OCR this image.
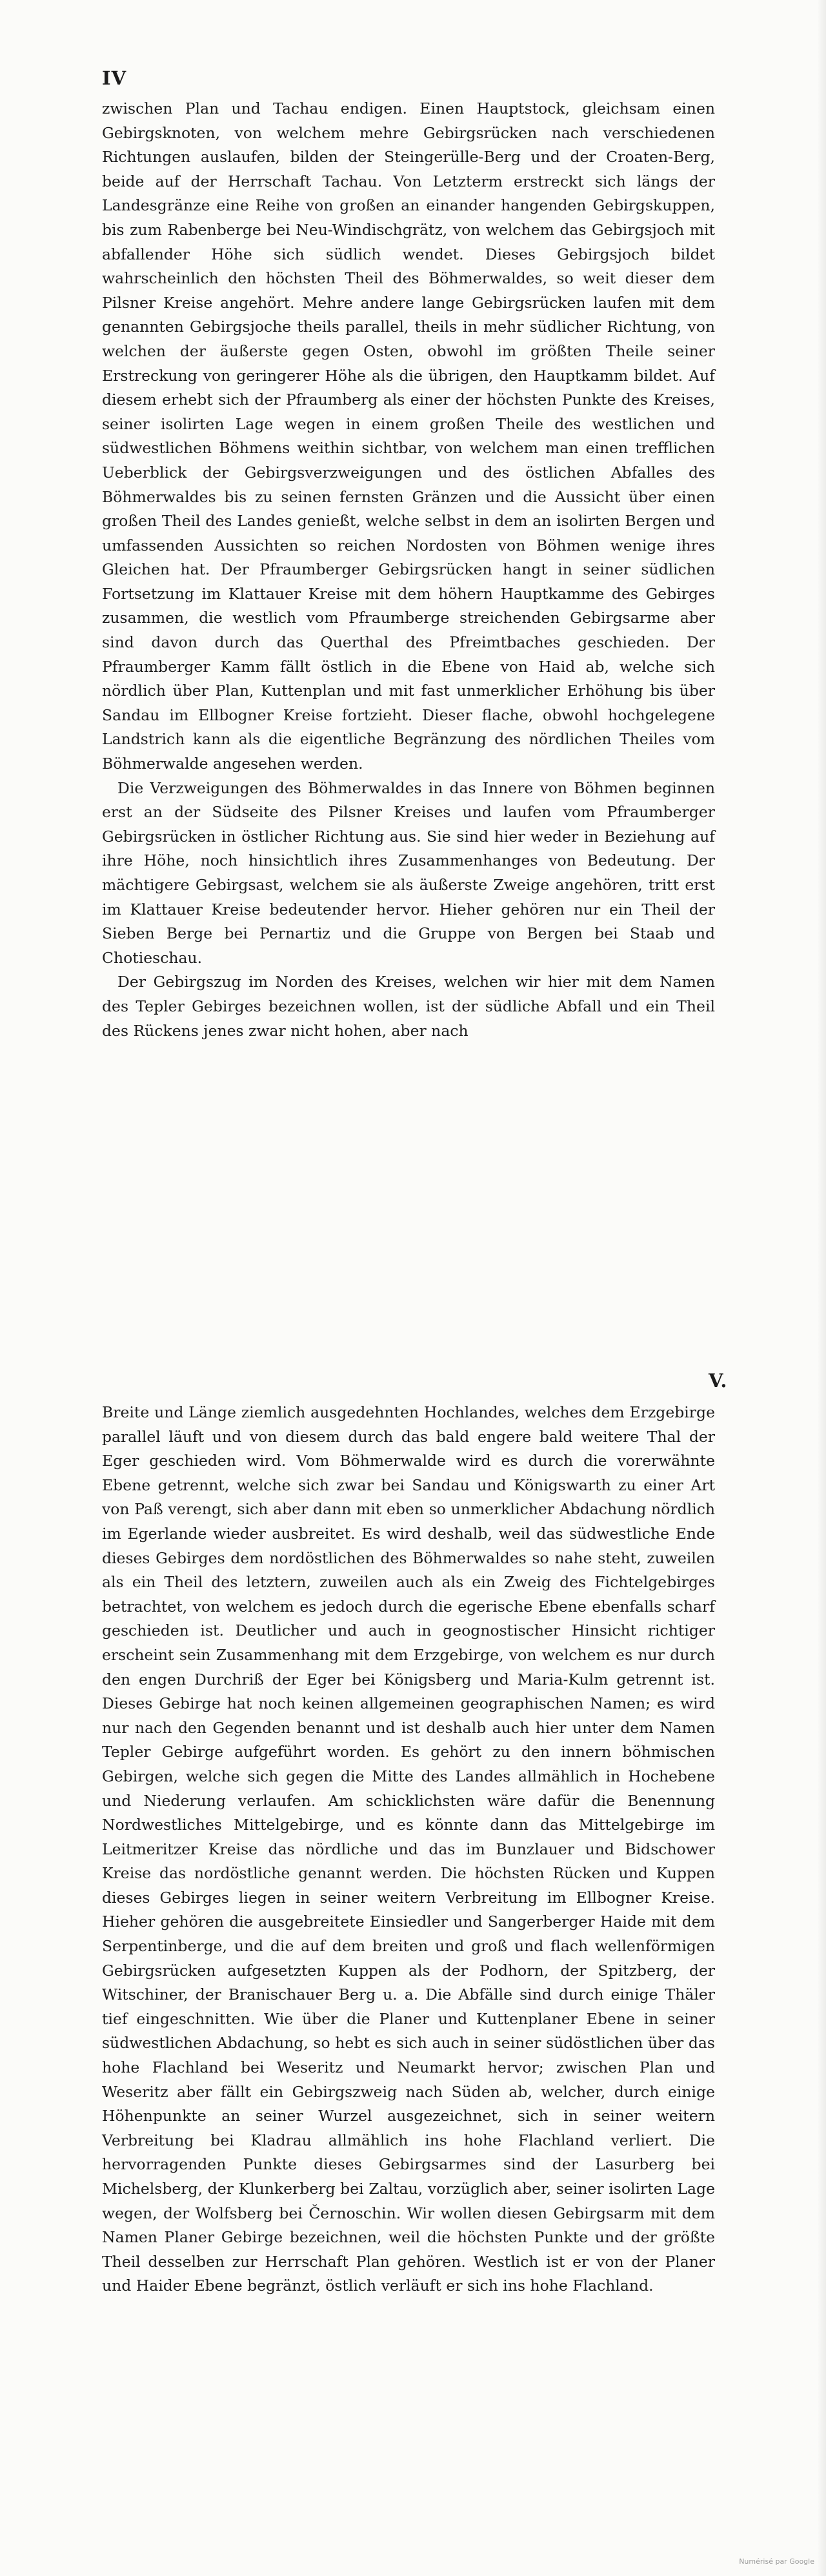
IV

zwischen Plan und Tachau endigen. Einen Hauptstock, gleichsam einen Gebirgsknoten, von welchem mehre Gebirgsrücken nach verschiedenen Richtungen auslaufen, bilden der Steingerülle-Berg und der Croaten-Berg, beide auf der Herrschaft Tachau. Von Letzterm erstreckt sich längs der Landesgränze eine Reihe von großen an einander hangenden Gebirgskuppen, bis zum Rabenberge bei Neu-Windischgrätz, von welchem das Gebirgsjoch mit abfallender Höhe sich südlich wendet. Dieses Gebirgsjoch bildet wahrscheinlich den höchsten Theil des Böhmerwaldes, so weit dieser dem Pilsner Kreise angehört. Mehre andere lange Gebirgsrücken laufen mit dem genannten Gebirgsjoche theils parallel, theils in mehr südlicher Richtung, von welchen der äußerste gegen Osten, obwohl im größten Theile seiner Erstreckung von geringerer Höhe als die übrigen, den Hauptkamm bildet. Auf diesem erhebt sich der Pfraumberg als einer der höchsten Punkte des Kreises, seiner isolirten Lage wegen in einem großen Theile des westlichen und südwestlichen Böhmens weithin sichtbar, von welchem man einen trefflichen Ueberblick der Gebirgsverzweigungen und des östlichen Abfalles des Böhmerwaldes bis zu seinen fernsten Gränzen und die Aussicht über einen großen Theil des Landes genießt, welche selbst in dem an isolirten Bergen und umfassenden Aussichten so reichen Nordosten von Böhmen wenige ihres Gleichen hat. Der Pfraumberger Gebirgsrücken hangt in seiner südlichen Fortsetzung im Klattauer Kreise mit dem höhern Hauptkamme des Gebirges zusammen, die westlich vom Pfraumberge streichenden Gebirgsarme aber sind davon durch das Querthal des Pfreimtbaches geschieden. Der Pfraumberger Kamm fällt östlich in die Ebene von Haid ab, welche sich nördlich über Plan, Kuttenplan und mit fast unmerklicher Erhöhung bis über Sandau im Ellbogner Kreise fortzieht. Dieser flache, obwohl hochgelegene Landstrich kann als die eigentliche Begränzung des nördlichen Theiles vom Böhmerwalde angesehen werden.

Die Verzweigungen des Böhmerwaldes in das Innere von Böhmen beginnen erst an der Südseite des Pilsner Kreises und laufen vom Pfraumberger Gebirgsrücken in östlicher Richtung aus. Sie sind hier weder in Beziehung auf ihre Höhe, noch hinsichtlich ihres Zusammenhanges von Bedeutung. Der mächtigere Gebirgsast, welchem sie als äußerste Zweige angehören, tritt erst im Klattauer Kreise bedeutender hervor. Hieher gehören nur ein Theil der Sieben Berge bei Pernartiz und die Gruppe von Bergen bei Staab und Chotieschau.

Der Gebirgszug im Norden des Kreises, welchen wir hier mit dem Namen des Tepler Gebirges bezeichnen wollen, ist der südliche Abfall und ein Theil des Rückens jenes zwar nicht hohen, aber nach

V.

Breite und Länge ziemlich ausgedehnten Hochlandes, welches dem Erzgebirge parallel läuft und von diesem durch das bald engere bald weitere Thal der Eger geschieden wird. Vom Böhmerwalde wird es durch die vorerwähnte Ebene getrennt, welche sich zwar bei Sandau und Königswarth zu einer Art von Paß verengt, sich aber dann mit eben so unmerklicher Abdachung nördlich im Egerlande wieder ausbreitet. Es wird deshalb, weil das südwestliche Ende dieses Gebirges dem nordöstlichen des Böhmerwaldes so nahe steht, zuweilen als ein Theil des letztern, zuweilen auch als ein Zweig des Fichtelgebirges betrachtet, von welchem es jedoch durch die egerische Ebene ebenfalls scharf geschieden ist. Deutlicher und auch in geognostischer Hinsicht richtiger erscheint sein Zusammenhang mit dem Erzgebirge, von welchem es nur durch den engen Durchriß der Eger bei Königsberg und Maria-Kulm getrennt ist. Dieses Gebirge hat noch keinen allgemeinen geographischen Namen; es wird nur nach den Gegenden benannt und ist deshalb auch hier unter dem Namen Tepler Gebirge aufgeführt worden. Es gehört zu den innern böhmischen Gebirgen, welche sich gegen die Mitte des Landes allmählich in Hochebene und Niederung verlaufen. Am schicklichsten wäre dafür die Benennung Nordwestliches Mittelgebirge, und es könnte dann das Mittelgebirge im Leitmeritzer Kreise das nördliche und das im Bunzlauer und Bidschower Kreise das nordöstliche genannt werden. Die höchsten Rücken und Kuppen dieses Gebirges liegen in seiner weitern Verbreitung im Ellbogner Kreise. Hieher gehören die ausgebreitete Einsiedler und Sangerberger Haide mit dem Serpentinberge, und die auf dem breiten und groß und flach wellenförmigen Gebirgsrücken aufgesetzten Kuppen als der Podhorn, der Spitzberg, der Witschiner, der Branischauer Berg u. a. Die Abfälle sind durch einige Thäler tief eingeschnitten. Wie über die Planer und Kuttenplaner Ebene in seiner südwestlichen Abdachung, so hebt es sich auch in seiner südöstlichen über das hohe Flachland bei Weseritz und Neumarkt hervor; zwischen Plan und Weseritz aber fällt ein Gebirgszweig nach Süden ab, welcher, durch einige Höhenpunkte an seiner Wurzel ausgezeichnet, sich in seiner weitern Verbreitung bei Kladrau allmählich ins hohe Flachland verliert. Die hervorragenden Punkte dieses Gebirgsarmes sind der Lasurberg bei Michelsberg, der Klunkerberg bei Zaltau, vorzüglich aber, seiner isolirten Lage wegen, der Wolfsberg bei Černoschin. Wir wollen diesen Gebirgsarm mit dem Namen Planer Gebirge bezeichnen, weil die höchsten Punkte und der größte Theil desselben zur Herrschaft Plan gehören. Westlich ist er von der Planer und Haider Ebene begränzt, östlich verläuft er sich ins hohe Flachland.

Numérisé par Google
